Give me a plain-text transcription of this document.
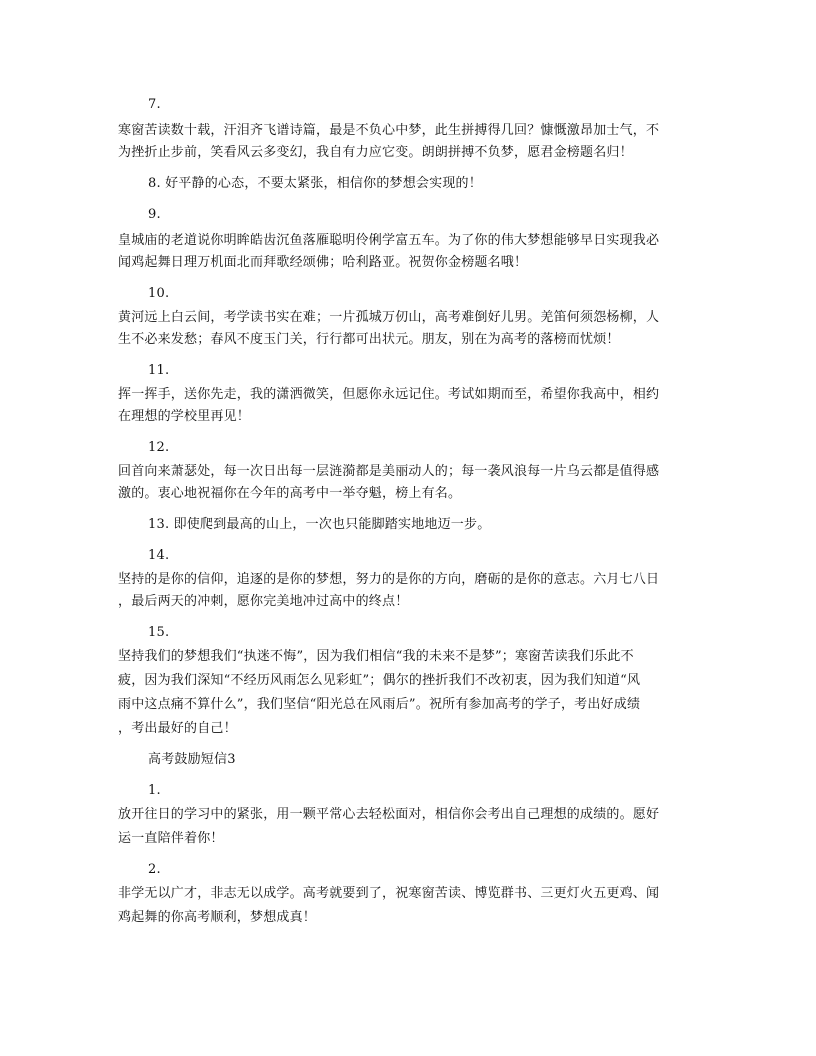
7.

寒窗苦读数十载，汗泪齐飞谱诗篇，最是不负心中梦，此生拼搏得几回？慷慨激昂加士气，不

为挫折止步前，笑看风云多变幻，我自有力应它变。朗朗拼搏不负梦，愿君金榜题名归！

8. 好平静的心态，不要太紧张，相信你的梦想会实现的！

9.

皇城庙的老道说你明眸皓齿沉鱼落雁聪明伶俐学富五车。为了你的伟大梦想能够早日实现我必

闻鸡起舞日理万机面北而拜歌经颂佛；哈利路亚。祝贺你金榜题名哦！

10.

黄河远上白云间，考学读书实在难；一片孤城万仞山，高考难倒好儿男。羌笛何须怨杨柳，人

生不必来发愁；春风不度玉门关，行行都可出状元。朋友，别在为高考的落榜而忧烦！

11.

挥一挥手，送你先走，我的潇洒微笑，但愿你永远记住。考试如期而至，希望你我高中，相约

在理想的学校里再见！

12.

回首向来萧瑟处，每一次日出每一层涟漪都是美丽动人的；每一袭风浪每一片乌云都是值得感

激的。衷心地祝福你在今年的高考中一举夺魁，榜上有名。

13. 即使爬到最高的山上，一次也只能脚踏实地地迈一步。

14.

坚持的是你的信仰，追逐的是你的梦想，努力的是你的方向，磨砺的是你的意志。六月七八日

，最后两天的冲刺，愿你完美地冲过高中的终点！

15.

坚持我们的梦想我们“执迷不悔”，因为我们相信“我的未来不是梦”；寒窗苦读我们乐此不

疲，因为我们深知“不经历风雨怎么见彩虹”；偶尔的挫折我们不改初衷，因为我们知道“风

雨中这点痛不算什么”，我们坚信“阳光总在风雨后”。祝所有参加高考的学子，考出好成绩

，考出最好的自己！

高考鼓励短信3

1.

放开往日的学习中的紧张，用一颗平常心去轻松面对，相信你会考出自己理想的成绩的。愿好

运一直陪伴着你！

2.

非学无以广才，非志无以成学。高考就要到了，祝寒窗苦读、博览群书、三更灯火五更鸡、闻

鸡起舞的你高考顺利，梦想成真！
